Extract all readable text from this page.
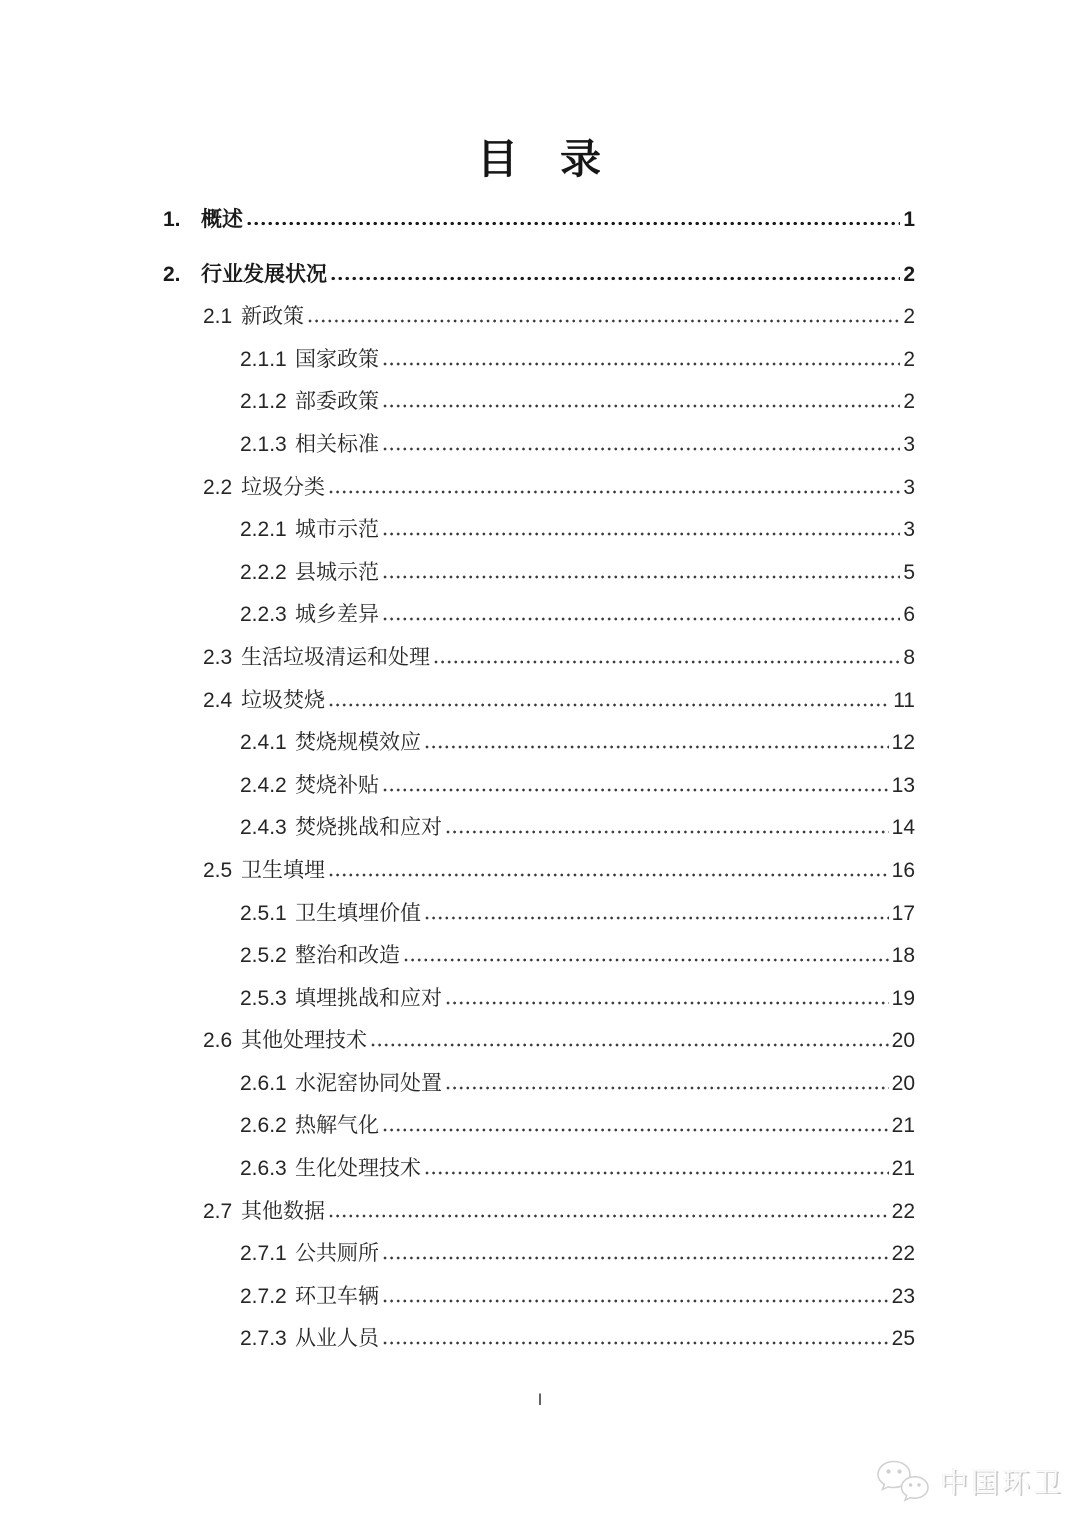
目 录
1. 概述	1
2. 行业发展状况	2
2.1 新政策	2
2.1.1 国家政策	2
2.1.2 部委政策	2
2.1.3 相关标准	3
2.2 垃圾分类	3
2.2.1 城市示范	3
2.2.2 县城示范	5
2.2.3 城乡差异	6
2.3 生活垃圾清运和处理	8
2.4 垃圾焚烧	11
2.4.1 焚烧规模效应	12
2.4.2 焚烧补贴	13
2.4.3 焚烧挑战和应对	14
2.5 卫生填埋	16
2.5.1 卫生填埋价值	17
2.5.2 整治和改造	18
2.5.3 填埋挑战和应对	19
2.6 其他处理技术	20
2.6.1 水泥窑协同处置	20
2.6.2 热解气化	21
2.6.3 生化处理技术	21
2.7 其他数据	22
2.7.1 公共厕所	22
2.7.2 环卫车辆	23
2.7.3 从业人员	25
I
中国环卫
